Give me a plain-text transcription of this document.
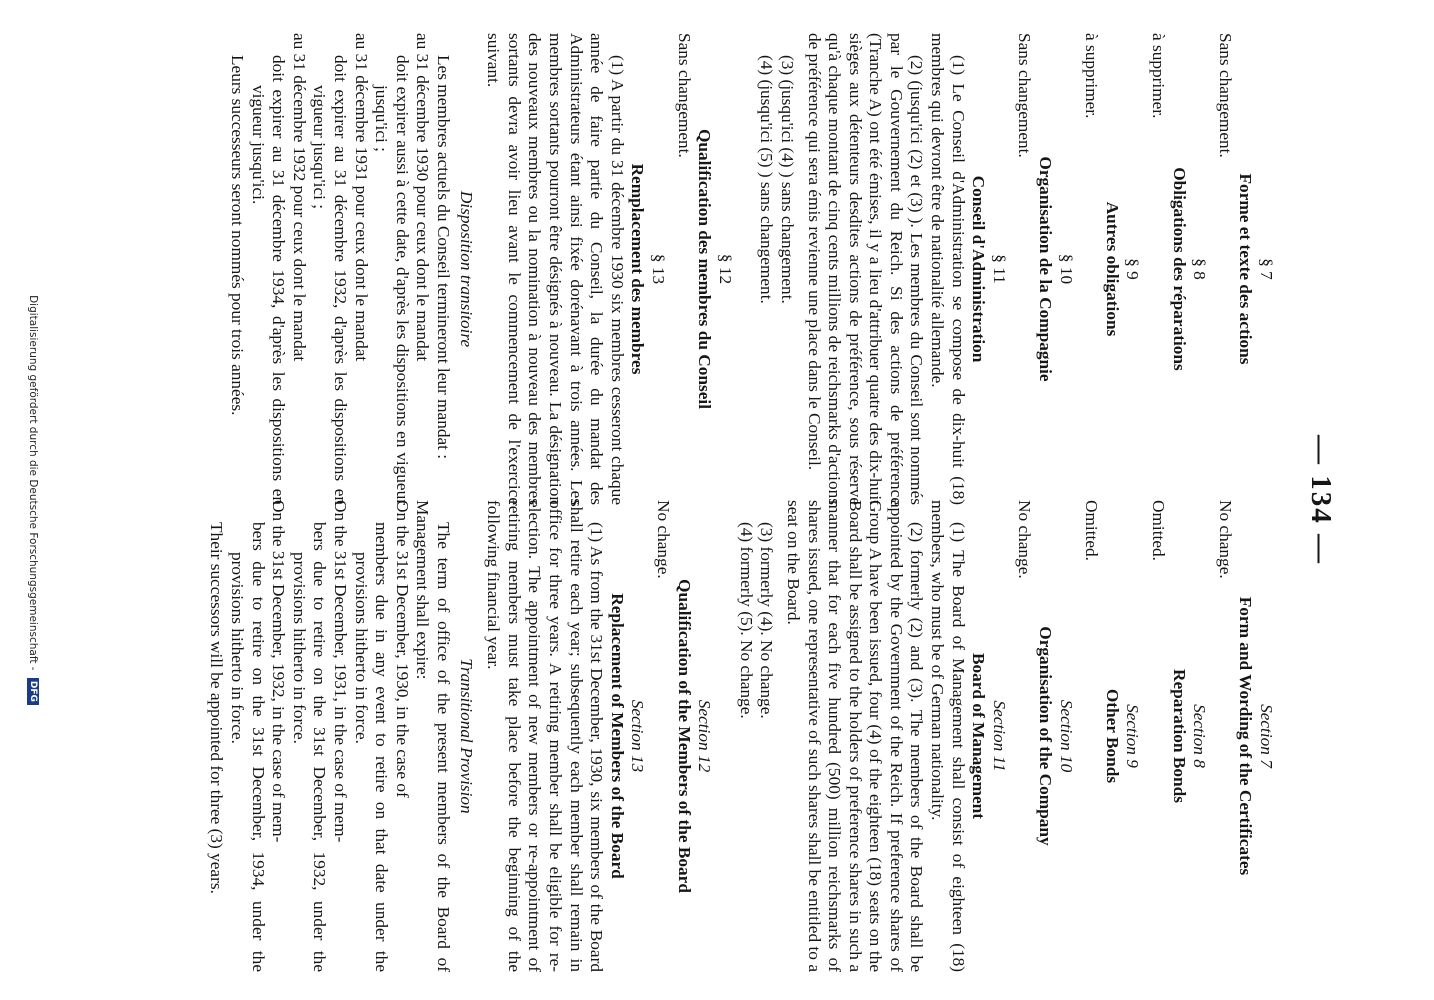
— 134 —

§ 7

Forme et texte des actions

Sans changement.

§ 8

Obligations des réparations

à supprimer.

§ 9

Autres obligations

à supprimer.

§ 10

Organisation de la Compagnie

Sans changement.

§ 11

Conseil d'Administration

(1) Le Conseil d'Administration se compose de dix-huit (18) membres qui devront être de nationalité allemande.

(2) (jusqu'ici (2) et (3) ). Les membres du Conseil sont nommés par le Gouvernement du Reich. Si des actions de préférence (Tranche A) ont été émises, il y a lieu d'attribuer quatre des dix-huit sièges aux détenteurs desdites actions de préférence, sous réserve qu'à chaque montant de cinq cents millions de reichsmarks d'actions de préférence qui sera émis revienne une place dans le Conseil.

(3) (jusqu'ici (4) ) sans changement.

(4) (jusqu'ici (5) ) sans changement.

§ 12

Qualification des membres du Conseil

Sans changement.

§ 13

Remplacement des membres

(1) A partir du 31 décembre 1930 six membres cesseront chaque année de faire partie du Conseil, la durée du mandat des Administrateurs étant ainsi fixée dorénavant à trois années. Les membres sortants pourront être désignés à nouveau. La désignation des nouveaux membres ou la nomination à nouveau des membres sortants devra avoir lieu avant le commencement de l'exercice suivant.

Disposition transitoire

Les membres actuels du Conseil termineront leur mandat :

au 31 décembre 1930 pour ceux dont le mandat

doit expirer aussi à cette date, d'après les dispositions en vigueur jusqu'ici ;

au 31 décembre 1931 pour ceux dont le mandat

doit expirer au 31 décembre 1932, d'après les dispositions en vigueur jusqu'ici ;

au 31 décembre 1932 pour ceux dont le mandat

doit expirer au 31 décembre 1934, d'après les dispositions en vigueur jusqu'ici.

Leurs successeurs seront nommés pour trois années.

Section 7

Form and Wording of the Certificates

No change.

Section 8

Reparation Bonds

Omitted.

Section 9

Other Bonds

Omitted.

Section 10

Organisation of the Company

No change.

Section 11

Board of Management

(1) The Board of Management shall consist of eighteen (18) members, who must be of German nationality.

(2) formerly (2) and (3). The members of the Board shall be appointed by the Government of the Reich. If preference shares of Group A have been issued, four (4) of the eighteen (18) seats on the Board shall be assigned to the holders of preference shares in such a manner that for each five hundred (500) million reichsmarks of shares issued, one representative of such shares shall be entitled to a seat on the Board.

(3) formerly (4). No change.

(4) formerly (5). No change.

Section 12

Qualification of the Members of the Board

No change.

Section 13

Replacement of Members of the Board

(1) As from the 31st December, 1930, six members of the Board shall retire each year; subsequently each member shall remain in office for three years. A retiring member shall be eligible for re-election. The appointment of new members or re-appointment of retiring members must take place before the beginning of the following financial year.

Transitional Provision

The term of office of the present members of the Board of Management shall expire:

On the 31st December, 1930, in the case of

members due in any event to retire on that date under the provisions hitherto in force.

On the 31st December, 1931, in the case of mem-

bers due to retire on the 31st December, 1932, under the provisions hitherto in force.

On the 31st December, 1932, in the case of mem-

bers due to retire on the 31st December, 1934, under the provisions hitherto in force.

Their successors will be appointed for three (3) years.

Digitalisierung gefördert durch die Deutsche Forschungsgemeinschaft - DFG
